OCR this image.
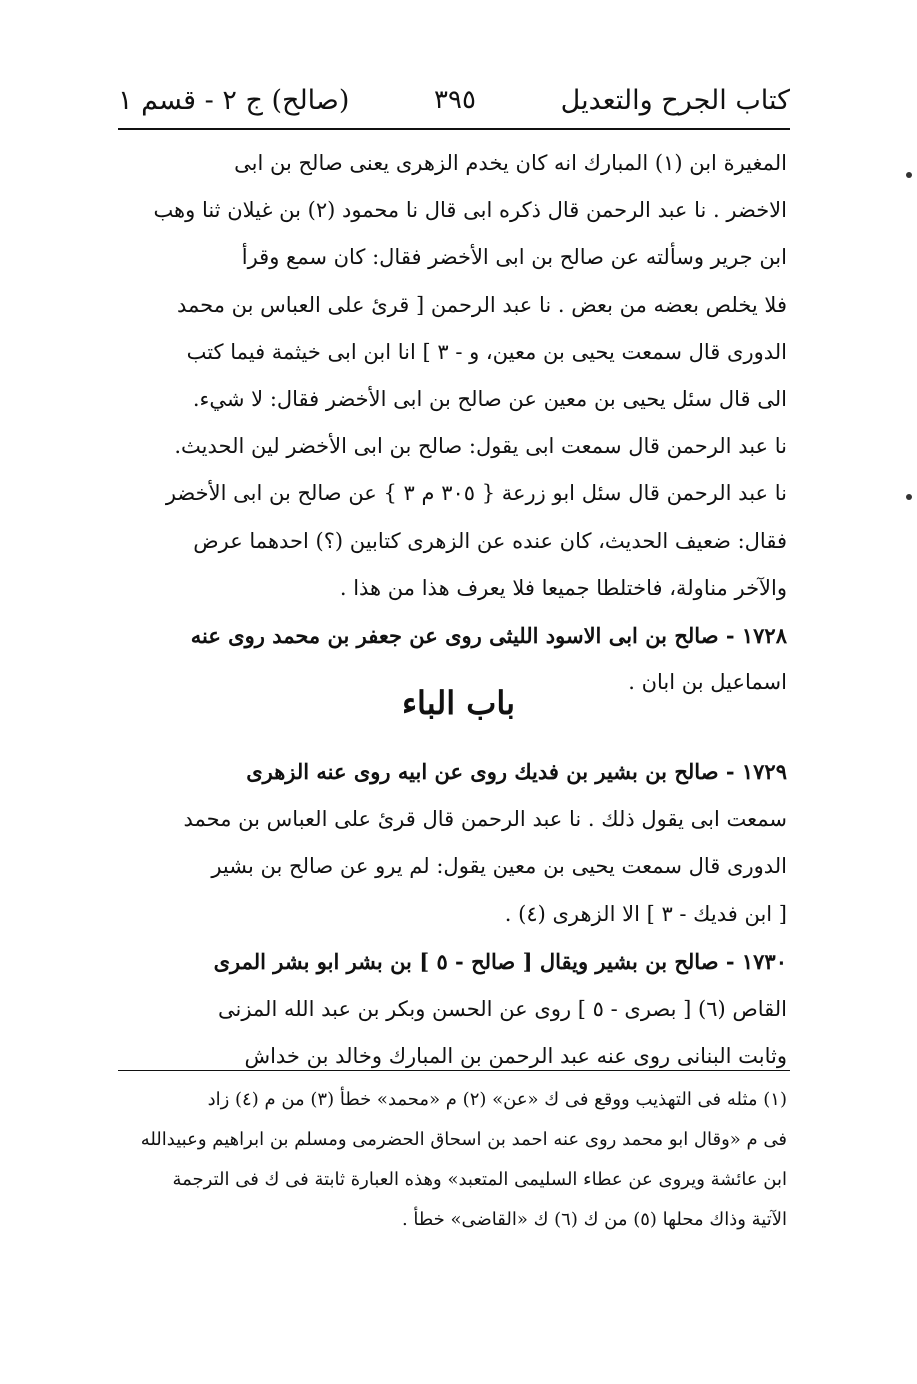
كتاب الجرح والتعديل
٣٩٥
(صالح) ج ٢ - قسم ١
المغيرة ابن (١) المبارك انه كان يخدم الزهرى يعنى صالح بن ابى
الاخضر . نا عبد الرحمن قال ذكره ابى قال نا محمود (٢) بن غيلان ثنا وهب
ابن جرير وسألته عن صالح بن ابى الأخضر فقال: كان سمع وقرأ
فلا يخلص بعضه من بعض . نا عبد الرحمن [ قرئ على العباس بن محمد
الدورى قال سمعت يحيى بن معين، و - ٣ ] انا ابن ابى خيثمة فيما كتب
الى قال سئل يحيى بن معين عن صالح بن ابى الأخضر فقال: لا شيء.
نا عبد الرحمن قال سمعت ابى يقول: صالح بن ابى الأخضر لين الحديث.
نا عبد الرحمن قال سئل ابو زرعة { ٣٠٥ م ٣ } عن صالح بن ابى الأخضر
فقال: ضعيف الحديث، كان عنده عن الزهرى كتابين (؟) احدهما عرض
والآخر مناولة، فاختلطا جميعا فلا يعرف هذا من هذا .
١٧٢٨ - صالح بن ابى الاسود الليثى روى عن جعفر بن محمد روى عنه
اسماعيل بن ابان .
باب الباء
١٧٢٩ - صالح بن بشير بن فديك روى عن ابيه روى عنه الزهرى
سمعت ابى يقول ذلك . نا عبد الرحمن قال قرئ على العباس بن محمد
الدورى قال سمعت يحيى بن معين يقول: لم يرو عن صالح بن بشير
[ ابن فديك - ٣ ] الا الزهرى (٤) .
١٧٣٠ - صالح بن بشير ويقال [ صالح - ٥ ] بن بشر ابو بشر المرى
القاص (٦) [ بصرى - ٥ ] روى عن الحسن وبكر بن عبد الله المزنى
وثابت البنانى روى عنه عبد الرحمن بن المبارك وخالد بن خداش
(١) مثله فى التهذيب ووقع فى ك «عن» (٢) م «محمد» خطأ (٣) من م (٤) زاد
فى م «وقال ابو محمد روى عنه احمد بن اسحاق الحضرمى ومسلم بن ابراهيم وعبيدالله
ابن عائشة ويروى عن عطاء السليمى المتعبد» وهذه العبارة ثابتة فى ك فى الترجمة
الآتية وذاك محلها (٥) من ك (٦) ك «القاضى» خطأ .
